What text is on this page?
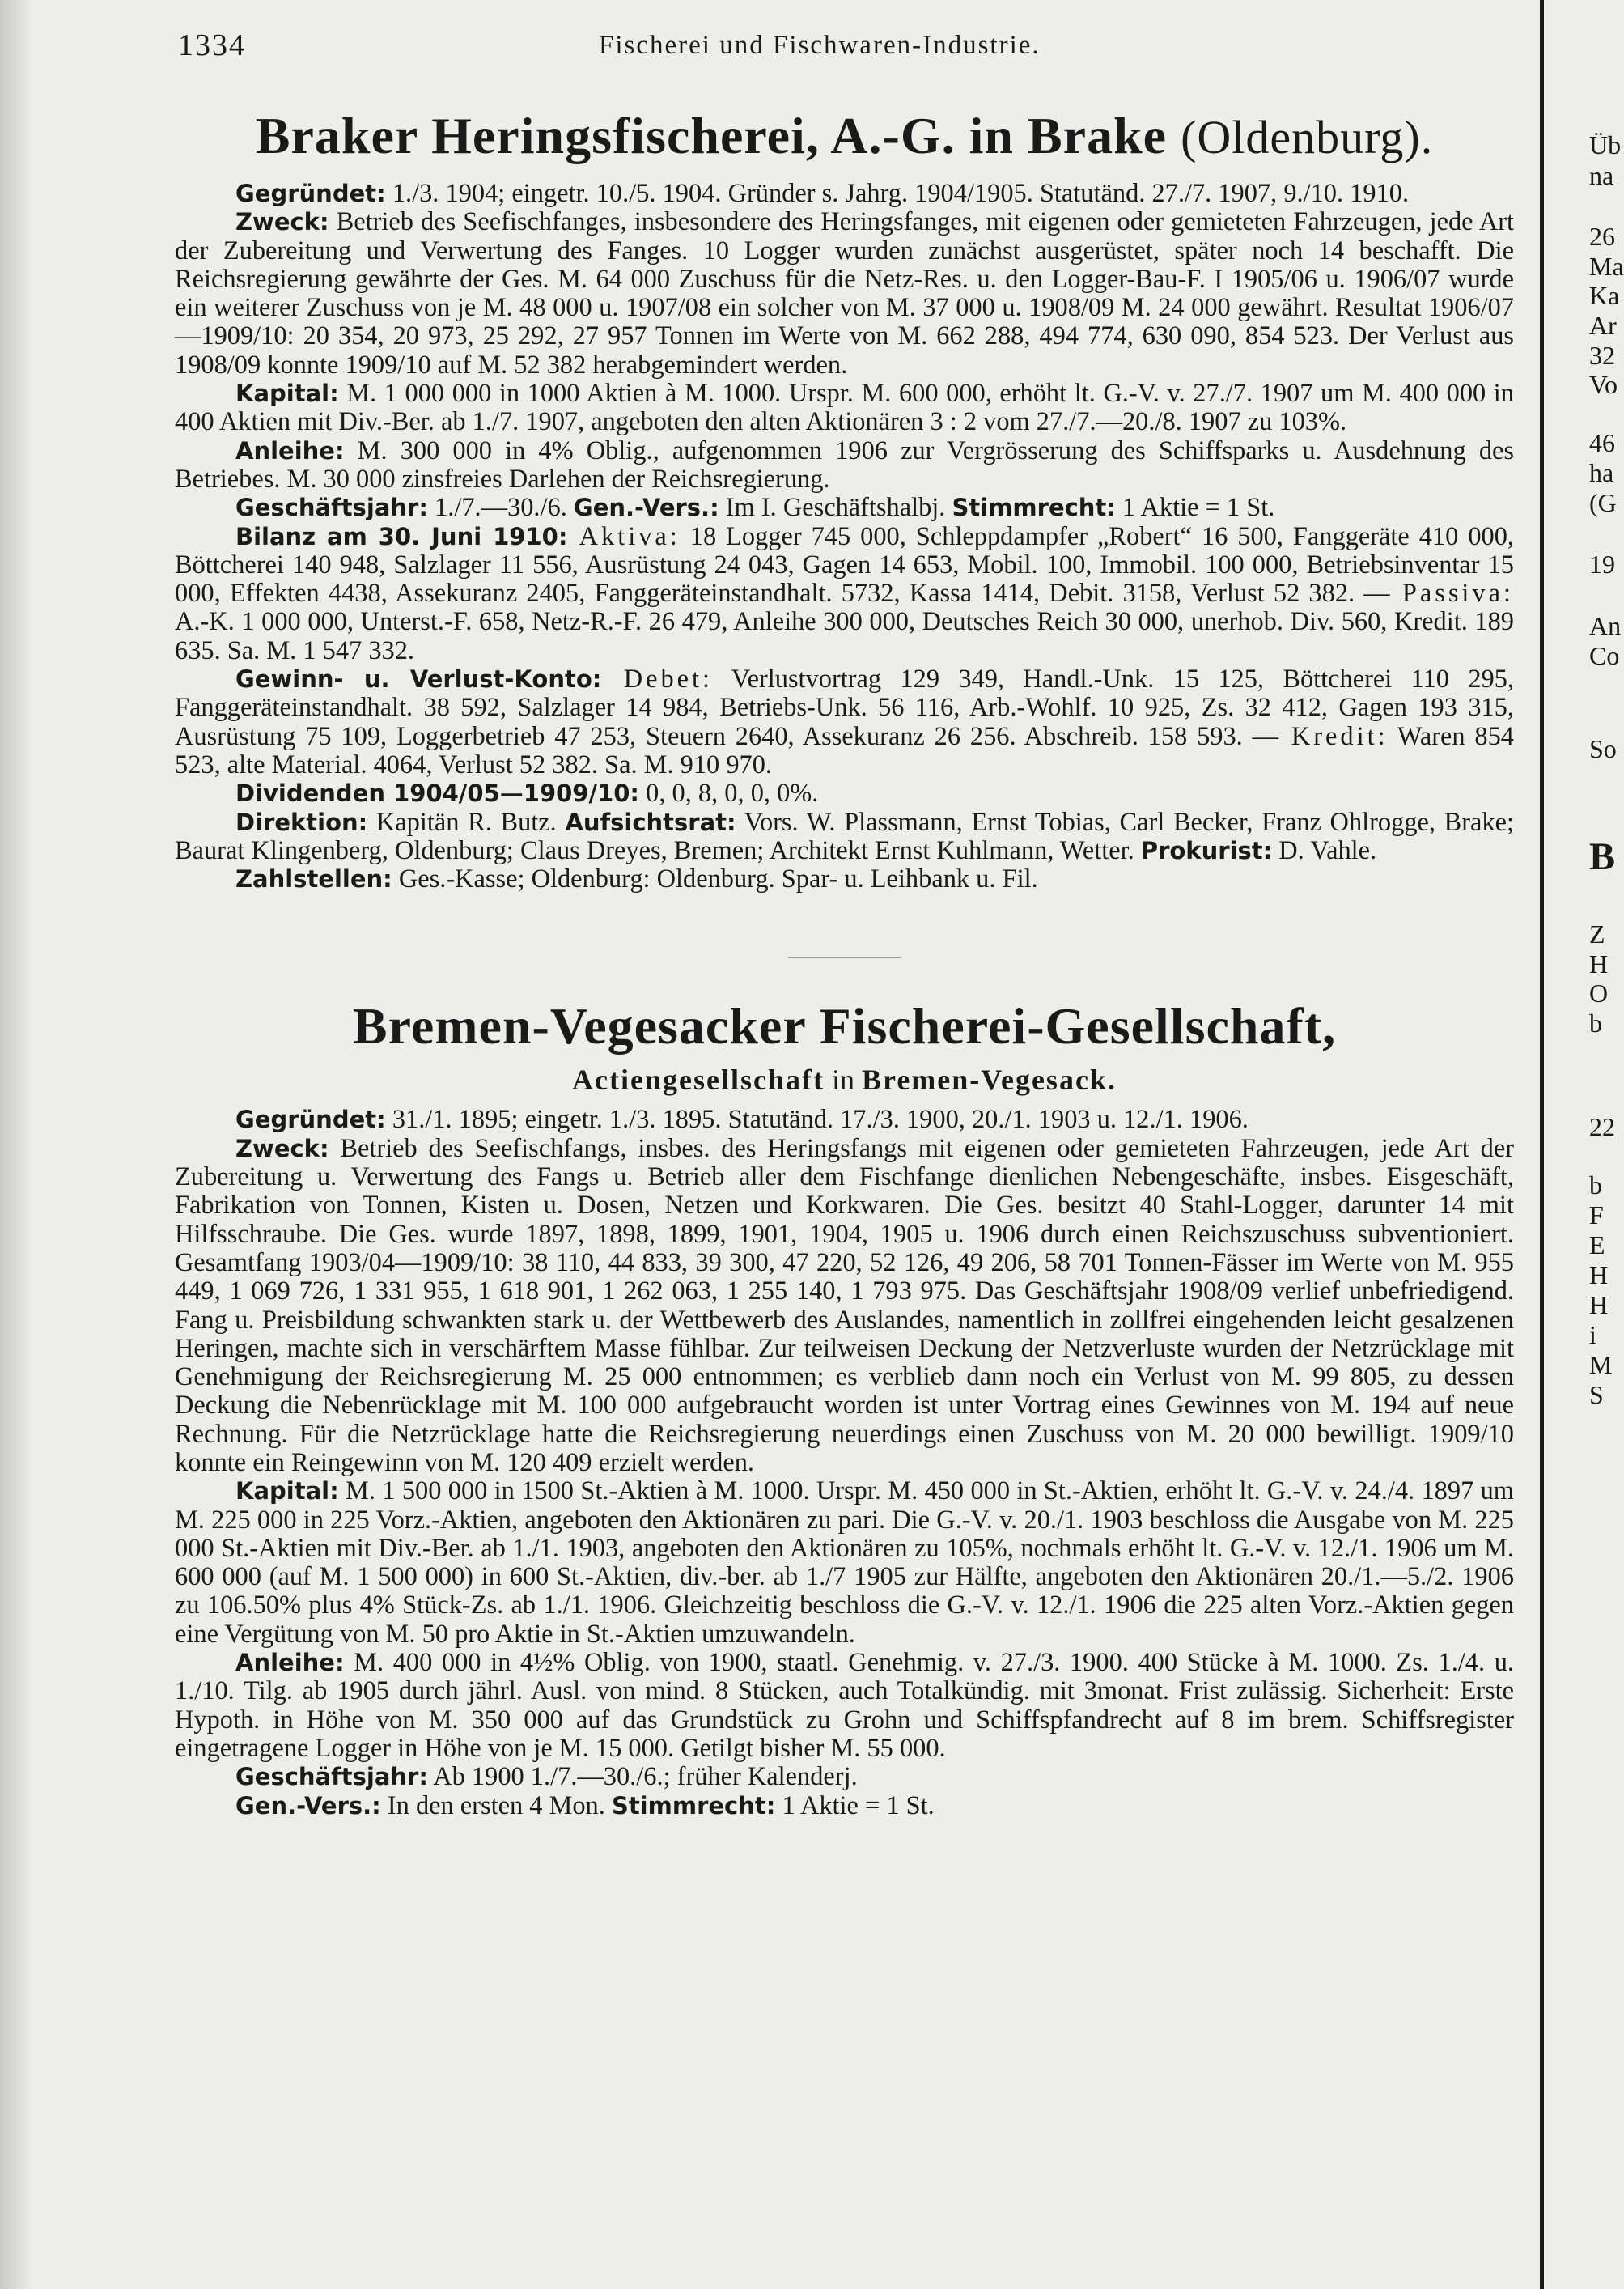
1334	Fischerei und Fischwaren-Industrie.
Braker Heringsfischerei, A.-G. in Brake (Oldenburg).

Gegründet: 1./3. 1904; eingetr. 10./5. 1904. Gründer s. Jahrg. 1904/1905. Statutänd. 27./7. 1907, 9./10. 1910.

Zweck: Betrieb des Seefischfanges, insbesondere des Heringsfanges, mit eigenen oder gemieteten Fahrzeugen, jede Art der Zubereitung und Verwertung des Fanges. 10 Logger wurden zunächst ausgerüstet, später noch 14 beschafft. Die Reichsregierung gewährte der Ges. M. 64 000 Zuschuss für die Netz-Res. u. den Logger-Bau-F. I 1905/06 u. 1906/07 wurde ein weiterer Zuschuss von je M. 48 000 u. 1907/08 ein solcher von M. 37 000 u. 1908/09 M. 24 000 gewährt. Resultat 1906/07—1909/10: 20 354, 20 973, 25 292, 27 957 Tonnen im Werte von M. 662 288, 494 774, 630 090, 854 523. Der Verlust aus 1908/09 konnte 1909/10 auf M. 52 382 herabgemindert werden.

Kapital: M. 1 000 000 in 1000 Aktien à M. 1000. Urspr. M. 600 000, erhöht lt. G.-V. v. 27./7. 1907 um M. 400 000 in 400 Aktien mit Div.-Ber. ab 1./7. 1907, angeboten den alten Aktionären 3 : 2 vom 27./7.—20./8. 1907 zu 103%.

Anleihe: M. 300 000 in 4% Oblig., aufgenommen 1906 zur Vergrösserung des Schiffsparks u. Ausdehnung des Betriebes. M. 30 000 zinsfreies Darlehen der Reichsregierung.

Geschäftsjahr: 1./7.—30./6. Gen.-Vers.: Im I. Geschäftshalbj. Stimmrecht: 1 Aktie = 1 St.

Bilanz am 30. Juni 1910: Aktiva: 18 Logger 745 000, Schleppdampfer „Robert“ 16 500, Fanggeräte 410 000, Böttcherei 140 948, Salzlager 11 556, Ausrüstung 24 043, Gagen 14 653, Mobil. 100, Immobil. 100 000, Betriebsinventar 15 000, Effekten 4438, Assekuranz 2405, Fanggeräteinstandhalt. 5732, Kassa 1414, Debit. 3158, Verlust 52 382. — Passiva: A.-K. 1 000 000, Unterst.-F. 658, Netz-R.-F. 26 479, Anleihe 300 000, Deutsches Reich 30 000, unerhob. Div. 560, Kredit. 189 635. Sa. M. 1 547 332.

Gewinn- u. Verlust-Konto: Debet: Verlustvortrag 129 349, Handl.-Unk. 15 125, Böttcherei 110 295, Fanggeräteinstandhalt. 38 592, Salzlager 14 984, Betriebs-Unk. 56 116, Arb.-Wohlf. 10 925, Zs. 32 412, Gagen 193 315, Ausrüstung 75 109, Loggerbetrieb 47 253, Steuern 2640, Assekuranz 26 256. Abschreib. 158 593. — Kredit: Waren 854 523, alte Material. 4064, Verlust 52 382. Sa. M. 910 970.

Dividenden 1904/05—1909/10: 0, 0, 8, 0, 0, 0%.

Direktion: Kapitän R. Butz. Aufsichtsrat: Vors. W. Plassmann, Ernst Tobias, Carl Becker, Franz Ohlrogge, Brake; Baurat Klingenberg, Oldenburg; Claus Dreyes, Bremen; Architekt Ernst Kuhlmann, Wetter. Prokurist: D. Vahle.

Zahlstellen: Ges.-Kasse; Oldenburg: Oldenburg. Spar- u. Leihbank u. Fil.

Bremen-Vegesacker Fischerei-Gesellschaft,
Actiengesellschaft in Bremen-Vegesack.

Gegründet: 31./1. 1895; eingetr. 1./3. 1895. Statutänd. 17./3. 1900, 20./1. 1903 u. 12./1. 1906.

Zweck: Betrieb des Seefischfangs, insbes. des Heringsfangs mit eigenen oder gemieteten Fahrzeugen, jede Art der Zubereitung u. Verwertung des Fangs u. Betrieb aller dem Fischfange dienlichen Nebengeschäfte, insbes. Eisgeschäft, Fabrikation von Tonnen, Kisten u. Dosen, Netzen und Korkwaren. Die Ges. besitzt 40 Stahl-Logger, darunter 14 mit Hilfsschraube. Die Ges. wurde 1897, 1898, 1899, 1901, 1904, 1905 u. 1906 durch einen Reichszuschuss subventioniert. Gesamtfang 1903/04—1909/10: 38 110, 44 833, 39 300, 47 220, 52 126, 49 206, 58 701 Tonnen-Fässer im Werte von M. 955 449, 1 069 726, 1 331 955, 1 618 901, 1 262 063, 1 255 140, 1 793 975. Das Geschäftsjahr 1908/09 verlief unbefriedigend. Fang u. Preisbildung schwankten stark u. der Wettbewerb des Auslandes, namentlich in zollfrei eingehenden leicht gesalzenen Heringen, machte sich in verschärftem Masse fühlbar. Zur teilweisen Deckung der Netzverluste wurden der Netzrücklage mit Genehmigung der Reichsregierung M. 25 000 entnommen; es verblieb dann noch ein Verlust von M. 99 805, zu dessen Deckung die Nebenrücklage mit M. 100 000 aufgebraucht worden ist unter Vortrag eines Gewinnes von M. 194 auf neue Rechnung. Für die Netzrücklage hatte die Reichsregierung neuerdings einen Zuschuss von M. 20 000 bewilligt. 1909/10 konnte ein Reingewinn von M. 120 409 erzielt werden.

Kapital: M. 1 500 000 in 1500 St.-Aktien à M. 1000. Urspr. M. 450 000 in St.-Aktien, erhöht lt. G.-V. v. 24./4. 1897 um M. 225 000 in 225 Vorz.-Aktien, angeboten den Aktionären zu pari. Die G.-V. v. 20./1. 1903 beschloss die Ausgabe von M. 225 000 St.-Aktien mit Div.-Ber. ab 1./1. 1903, angeboten den Aktionären zu 105%, nochmals erhöht lt. G.-V. v. 12./1. 1906 um M. 600 000 (auf M. 1 500 000) in 600 St.-Aktien, div.-ber. ab 1./7 1905 zur Hälfte, angeboten den Aktionären 20./1.—5./2. 1906 zu 106.50% plus 4% Stück-Zs. ab 1./1. 1906. Gleichzeitig beschloss die G.-V. v. 12./1. 1906 die 225 alten Vorz.-Aktien gegen eine Vergütung von M. 50 pro Aktie in St.-Aktien umzuwandeln.

Anleihe: M. 400 000 in 4½% Oblig. von 1900, staatl. Genehmig. v. 27./3. 1900. 400 Stücke à M. 1000. Zs. 1./4. u. 1./10. Tilg. ab 1905 durch jährl. Ausl. von mind. 8 Stücken, auch Totalkündig. mit 3monat. Frist zulässig. Sicherheit: Erste Hypoth. in Höhe von M. 350 000 auf das Grundstück zu Grohn und Schiffspfandrecht auf 8 im brem. Schiffsregister eingetragene Logger in Höhe von je M. 15 000. Getilgt bisher M. 55 000.

Geschäftsjahr: Ab 1900 1./7.—30./6.; früher Kalenderj.

Gen.-Vers.: In den ersten 4 Mon. Stimmrecht: 1 Aktie = 1 St.

Üb
na
26
Ma
Ka
Ar
32
Vo
46
ha
(G
19
An
Co
So
B
Z
H
O
b
22
b
F
E
H
H
i
M
S
